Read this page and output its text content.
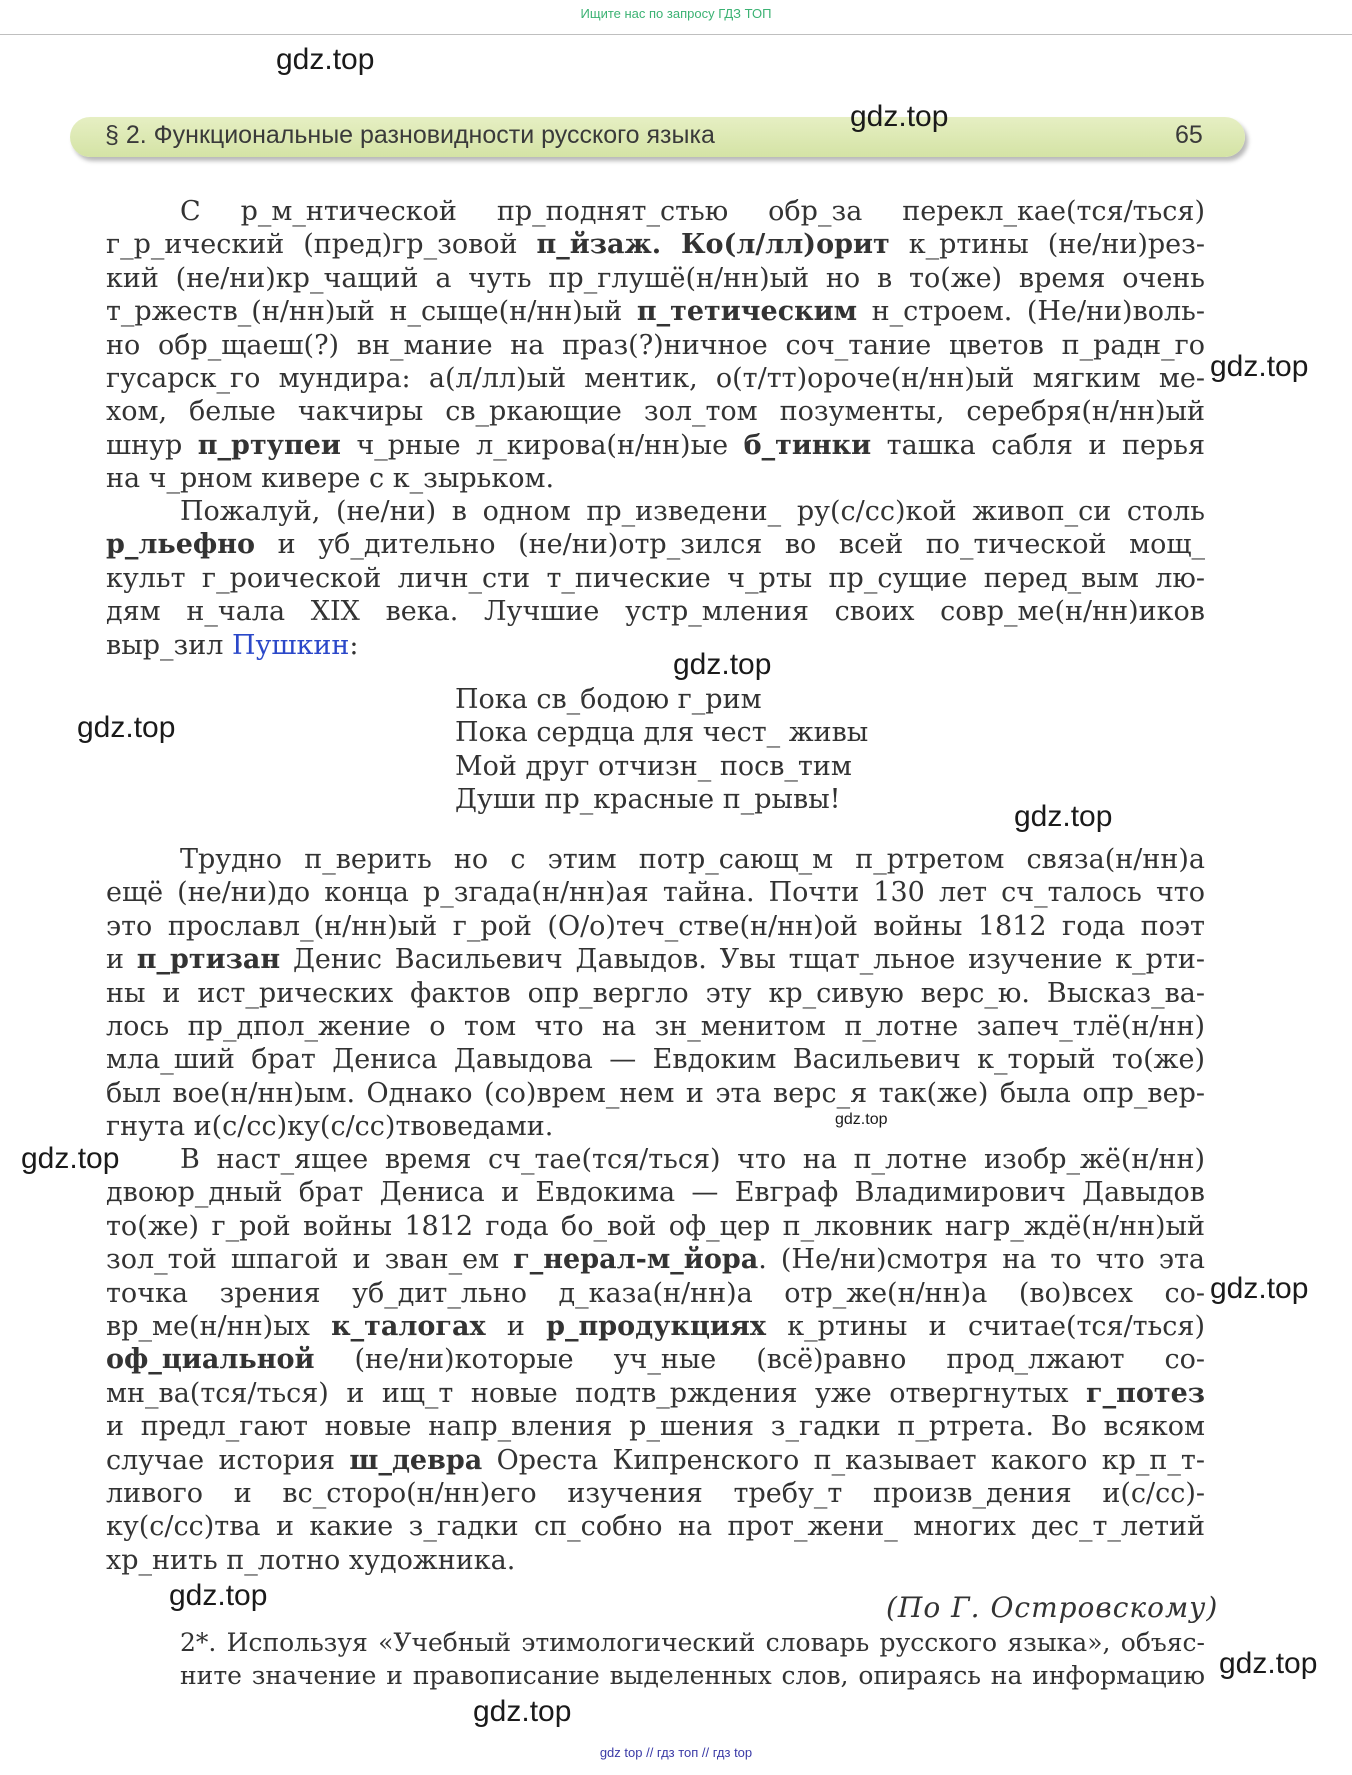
Ищите нас по запросу ГДЗ ТОП
§ 2. Функциональные разновидности русского языка	65
С р_м_нтической пр_поднят_стью обр_за перекл_кае(тся/ться)
г_р_ический (пред)гр_зовой п_йзаж. Ко(л/лл)орит к_ртины (не/ни)рез-
кий (не/ни)кр_чащий а чуть пр_глушё(н/нн)ый но в то(же) время очень
т_ржеств_(н/нн)ый н_сыще(н/нн)ый п_тетическим н_строем. (Не/ни)воль-
но обр_щаеш(?) вн_мание на праз(?)ничное соч_тание цветов п_радн_го
гусарск_го мундира: а(л/лл)ый ментик, о(т/тт)ороче(н/нн)ый мягким ме-
хом, белые чакчиры св_ркающие зол_том позументы, серебря(н/нн)ый
шнур п_ртупеи ч_рные л_кирова(н/нн)ые б_тинки ташка сабля и перья
на ч_рном кивере с к_зырьком.
Пожалуй, (не/ни) в одном пр_изведени_ ру(с/сс)кой живоп_си столь
р_льефно и уб_дительно (не/ни)отр_зился во всей по_тической мощ_
культ г_роической личн_сти т_пические ч_рты пр_сущие перед_вым лю-
дям н_чала XIX века. Лучшие устр_мления своих совр_ме(н/нн)иков
выр_зил Пушкин:
Пока св_бодою г_рим
Пока сердца для чест_ живы
Мой друг отчизн_ посв_тим
Души пр_красные п_рывы!
Трудно п_верить но с этим потр_сающ_м п_ртретом связа(н/нн)а
ещё (не/ни)до конца р_згада(н/нн)ая тайна. Почти 130 лет сч_талось что
это прославл_(н/нн)ый г_рой (О/о)теч_стве(н/нн)ой войны 1812 года поэт
и п_ртизан Денис Васильевич Давыдов. Увы тщат_льное изучение к_рти-
ны и ист_рических фактов опр_вергло эту кр_сивую верс_ю. Высказ_ва-
лось пр_дпол_жение о том что на зн_менитом п_лотне запеч_тлё(н/нн)
мла_ший брат Дениса Давыдова — Евдоким Васильевич к_торый то(же)
был вое(н/нн)ым. Однако (со)врем_нем и эта верс_я так(же) была опр_вер-
гнута и(с/сс)ку(с/сс)твоведами.
В наст_ящее время сч_тае(тся/ться) что на п_лотне изобр_жё(н/нн)
двоюр_дный брат Дениса и Евдокима — Евграф Владимирович Давыдов
то(же) г_рой войны 1812 года бо_вой оф_цер п_лковник нагр_ждё(н/нн)ый
зол_той шпагой и зван_ем г_нерал-м_йора. (Не/ни)смотря на то что эта
точка зрения уб_дит_льно д_каза(н/нн)а отр_же(н/нн)а (во)всех со-
вр_ме(н/нн)ых к_талогах и р_продукциях к_ртины и считае(тся/ться)
оф_циальной (не/ни)которые уч_ные (всё)равно прод_лжают со-
мн_ва(тся/ться) и ищ_т новые подтв_рждения уже отвергнутых г_потез
и предл_гают новые напр_вления р_шения з_гадки п_ртрета. Во всяком
случае история ш_девра Ореста Кипренского п_казывает какого кр_п_т-
ливого и вс_сторо(н/нн)его изучения требу_т произв_дения и(с/сс)-
ку(с/сс)тва и какие з_гадки сп_собно на прот_жени_ многих дес_т_летий
хр_нить п_лотно художника.
(По Г. Островскому)
2*. Используя «Учебный этимологический словарь русского языка», объяс-
ните значение и правописание выделенных слов, опираясь на информацию
gdz.top
gdz.top
gdz.top
gdz.top
gdz.top
gdz.top
gdz.top
gdz.top
gdz.top
gdz.top
gdz.top
gdz.top
gdz top // гдз топ // гдз top
